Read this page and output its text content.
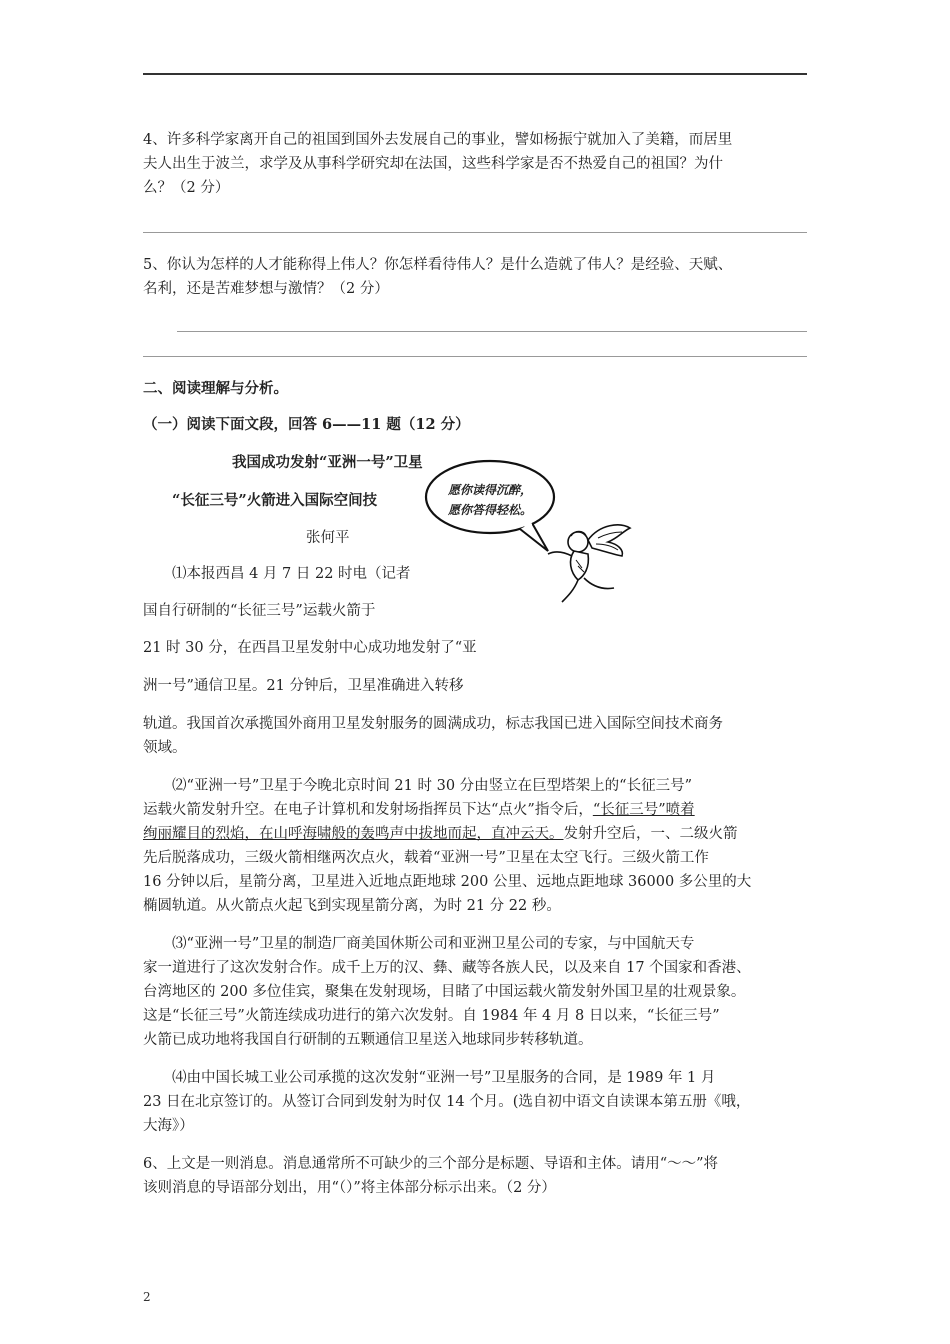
4、许多科学家离开自己的祖国到国外去发展自己的事业，譬如杨振宁就加入了美籍，而居里
夫人出生于波兰，求学及从事科学研究却在法国，这些科学家是否不热爱自己的祖国？为什
么？（2 分）
5、你认为怎样的人才能称得上伟人？你怎样看待伟人？是什么造就了伟人？是经验、天赋、
名利，还是苦难梦想与激情？（2 分）
二、阅读理解与分析。
（一）阅读下面文段，回答 6——11 题（12 分）
我国成功发射“亚洲一号”卫星
“长征三号”火箭进入国际空间技
张何平
⑴本报西昌 4 月 7 日 22 时电（记者
国自行研制的“长征三号”运载火箭于
21 时 30 分，在西昌卫星发射中心成功地发射了“亚
洲一号”通信卫星。21 分钟后，卫星准确进入转移
轨道。我国首次承揽国外商用卫星发射服务的圆满成功，标志我国已进入国际空间技术商务
领域。
⑵“亚洲一号”卫星于今晚北京时间 21 时 30 分由竖立在巨型塔架上的“长征三号”
运载火箭发射升空。在电子计算机和发射场指挥员下达“点火”指令后，“长征三号”喷着
绚丽耀目的烈焰，在山呼海啸般的轰鸣声中拔地而起，直冲云天。发射升空后，一、二级火箭
先后脱落成功，三级火箭相继两次点火，载着“亚洲一号”卫星在太空飞行。三级火箭工作
16 分钟以后，星箭分离，卫星进入近地点距地球 200 公里、远地点距地球 36000 多公里的大
椭圆轨道。从火箭点火起飞到实现星箭分离，为时 21 分 22 秒。
⑶“亚洲一号”卫星的制造厂商美国休斯公司和亚洲卫星公司的专家，与中国航天专
家一道进行了这次发射合作。成千上万的汉、彝、藏等各族人民，以及来自 17 个国家和香港、
台湾地区的 200 多位佳宾，聚集在发射现场，目睹了中国运载火箭发射外国卫星的壮观景象。
这是“长征三号”火箭连续成功进行的第六次发射。自 1984 年 4 月 8 日以来，“长征三号”
火箭已成功地将我国自行研制的五颗通信卫星送入地球同步转移轨道。
⑷由中国长城工业公司承揽的这次发射“亚洲一号”卫星服务的合同，是 1989 年 1 月
23 日在北京签订的。从签订合同到发射为时仅 14 个月。(选自初中语文自读课本第五册《哦，
大海》）
6、上文是一则消息。消息通常所不可缺少的三个部分是标题、导语和主体。请用“～～”将
该则消息的导语部分划出，用“（）”将主体部分标示出来。（2 分）
愿你读得沉醉，
愿你答得轻松。
2
